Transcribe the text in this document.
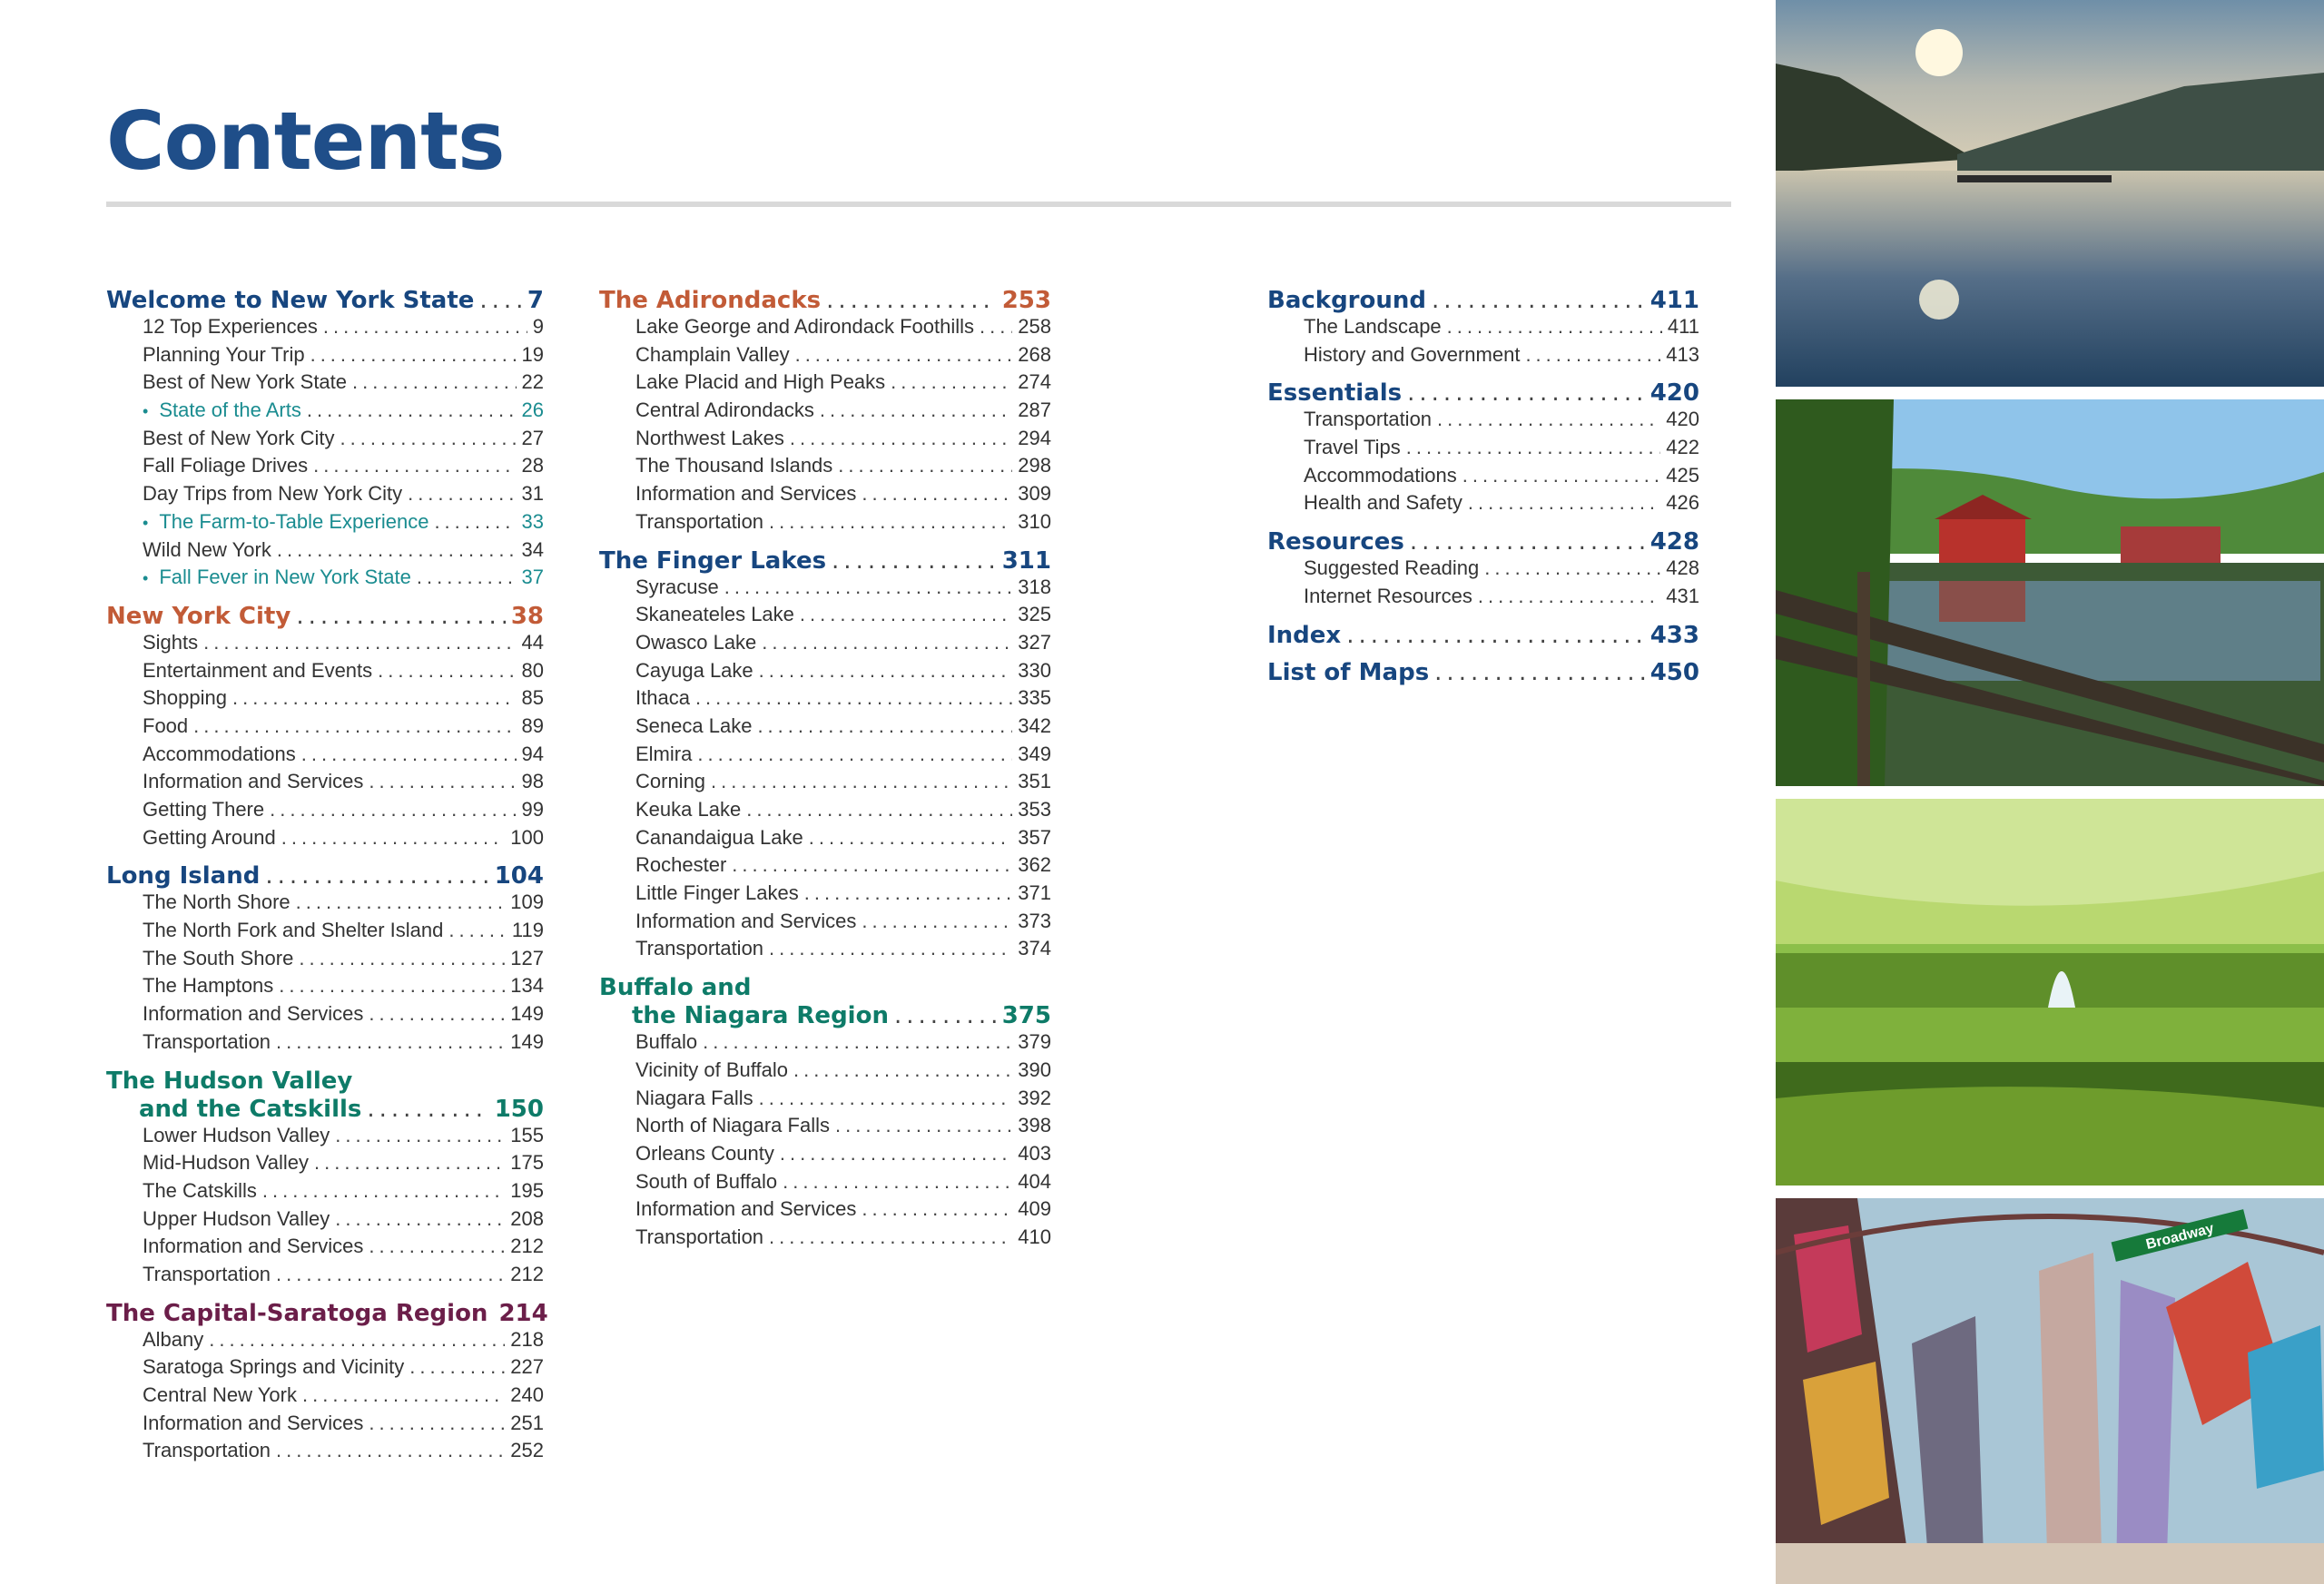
Contents
Welcome to New York State ..... 7
12 Top Experiences .....	9
Planning Your Trip .....	19
Best of New York State .....	22
• State of the Arts .....	26
Best of New York City .....	27
Fall Foliage Drives .....	28
Day Trips from New York City .....	31
• The Farm-to-Table Experience .....	33
Wild New York .....	34
• Fall Fever in New York State .....	37
New York City .....	38
Sights .....	44
Entertainment and Events .....	80
Shopping .....	85
Food .....	89
Accommodations .....	94
Information and Services .....	98
Getting There .....	99
Getting Around .....	100
Long Island .....	104
The North Shore .....	109
The North Fork and Shelter Island .....	119
The South Shore .....	127
The Hamptons .....	134
Information and Services .....	149
Transportation .....	149
The Hudson Valley
and the Catskills .....	150
Lower Hudson Valley .....	155
Mid-Hudson Valley .....	175
The Catskills .....	195
Upper Hudson Valley .....	208
Information and Services .....	212
Transportation .....	212
The Capital-Saratoga Region 214
Albany .....	218
Saratoga Springs and Vicinity .....	227
Central New York .....	240
Information and Services .....	251
Transportation .....	252
The Adirondacks .....	253
Lake George and Adirondack Foothills ..... 258
Champlain Valley .....	268
Lake Placid and High Peaks .....	274
Central Adirondacks .....	287
Northwest Lakes .....	294
The Thousand Islands .....	298
Information and Services .....	309
Transportation .....	310
The Finger Lakes .....	311
Syracuse .....	318
Skaneateles Lake .....	325
Owasco Lake .....	327
Cayuga Lake .....	330
Ithaca .....	335
Seneca Lake .....	342
Elmira .....	349
Corning .....	351
Keuka Lake .....	353
Canandaigua Lake .....	357
Rochester .....	362
Little Finger Lakes .....	371
Information and Services .....	373
Transportation .....	374
Buffalo and
the Niagara Region .....	375
Buffalo .....	379
Vicinity of Buffalo .....	390
Niagara Falls .....	392
North of Niagara Falls .....	398
Orleans County .....	403
South of Buffalo .....	404
Information and Services .....	409
Transportation .....	410
Background .....	411
The Landscape .....	411
History and Government .....	413
Essentials .....	420
Transportation .....	420
Travel Tips .....	422
Accommodations .....	425
Health and Safety .....	426
Resources .....	428
Suggested Reading .....	428
Internet Resources .....	431
Index .....	433
List of Maps .....	450
Broadway
